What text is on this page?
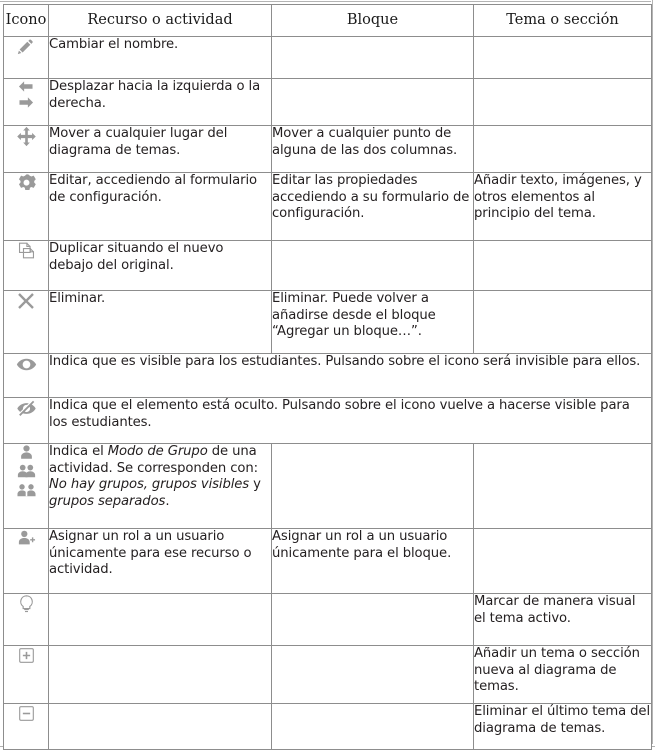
Icono	Recurso o actividad	Bloque	Tema o sección

	Cambiar el nombre.		

	Desplazar hacia la izquierda o la derecha.		

	Mover a cualquier lugar del diagrama de temas.	Mover a cualquier punto de alguna de las dos columnas.	

	Editar, accediendo al formulario de configuración.	Editar las propiedades accediendo a su formulario de configuración.	Añadir texto, imágenes, y otros elementos al principio del tema.

	Duplicar situando el nuevo debajo del original.		

	Eliminar.	Eliminar. Puede volver a añadirse desde el bloque “Agregar un bloque…”.	
	Indica que es visible para los estudiantes. Pulsando sobre el icono será invisible para ellos.		

	Indica que el elemento está oculto. Pulsando sobre el icono vuelve a hacerse visible para los estudiantes.		

	Indica el Modo de Grupo de una actividad. Se corresponden con: No hay grupos, grupos visibles y grupos separados.		

	Asignar un rol a un usuario únicamente para ese recurso o actividad.	Asignar un rol a un usuario únicamente para el bloque.	

			Marcar de manera visual el tema activo.

			Añadir un tema o sección nueva al diagrama de temas.

			Eliminar el último tema del diagrama de temas.
